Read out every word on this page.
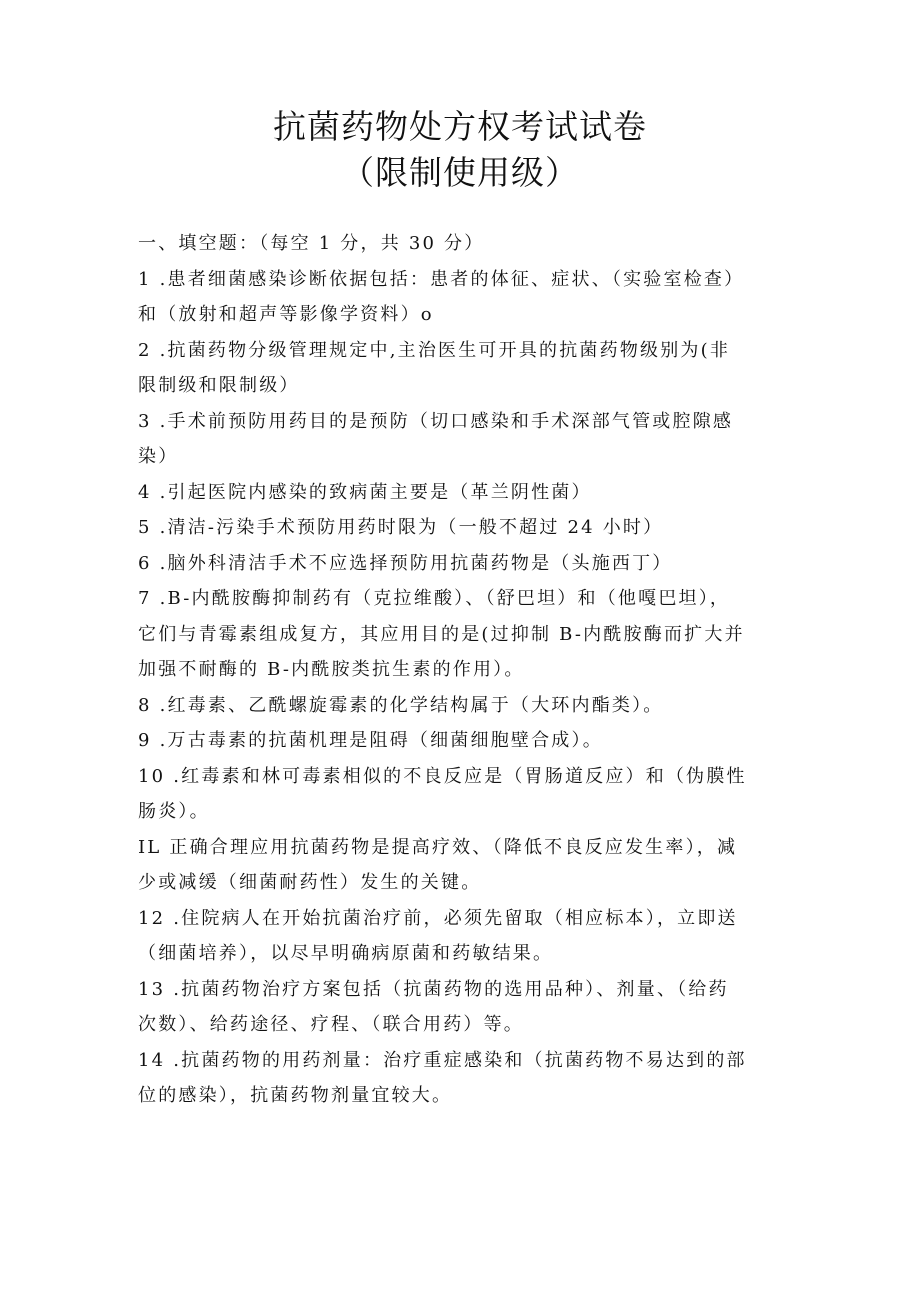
抗菌药物处方权考试试卷
（限制使用级）
一、填空题：（每空 1 分，共 30 分）
1 .患者细菌感染诊断依据包括：患者的体征、症状、（实验室检查）
和（放射和超声等影像学资料）o
2 .抗菌药物分级管理规定中,主治医生可开具的抗菌药物级别为(非
限制级和限制级）
3 .手术前预防用药目的是预防（切口感染和手术深部气管或腔隙感
染）
4 .引起医院内感染的致病菌主要是（革兰阴性菌）
5 .清洁-污染手术预防用药时限为（一般不超过 24 小时）
6 .脑外科清洁手术不应选择预防用抗菌药物是（头施西丁）
7 .B-内酰胺酶抑制药有（克拉维酸）、（舒巴坦）和（他嘎巴坦），
它们与青霉素组成复方，其应用目的是(过抑制 B-内酰胺酶而扩大并
加强不耐酶的 B-内酰胺类抗生素的作用）。
8 .红毒素、乙酰螺旋霉素的化学结构属于（大环内酯类）。
9 .万古毒素的抗菌机理是阻碍（细菌细胞壁合成）。
10 .红毒素和林可毒素相似的不良反应是（胃肠道反应）和（伪膜性
肠炎）。
IL 正确合理应用抗菌药物是提高疗效、（降低不良反应发生率），减
少或减缓（细菌耐药性）发生的关键。
12 .住院病人在开始抗菌治疗前，必须先留取（相应标本），立即送
（细菌培养），以尽早明确病原菌和药敏结果。
13 .抗菌药物治疗方案包括（抗菌药物的选用品种）、剂量、（给药
次数）、给药途径、疗程、（联合用药）等。
14 .抗菌药物的用药剂量：治疗重症感染和（抗菌药物不易达到的部
位的感染），抗菌药物剂量宜较大。
